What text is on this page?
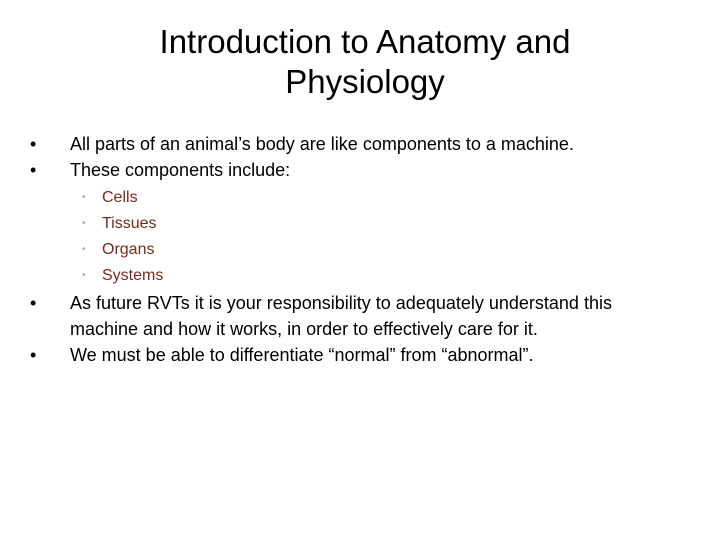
Introduction to Anatomy and
Physiology
• All parts of an animal’s body are like components to a machine.
• These components include:
• Cells
• Tissues
• Organs
• Systems
• As future RVTs it is your responsibility to adequately understand this
machine and how it works, in order to effectively care for it.
• We must be able to differentiate “normal” from “abnormal”.
